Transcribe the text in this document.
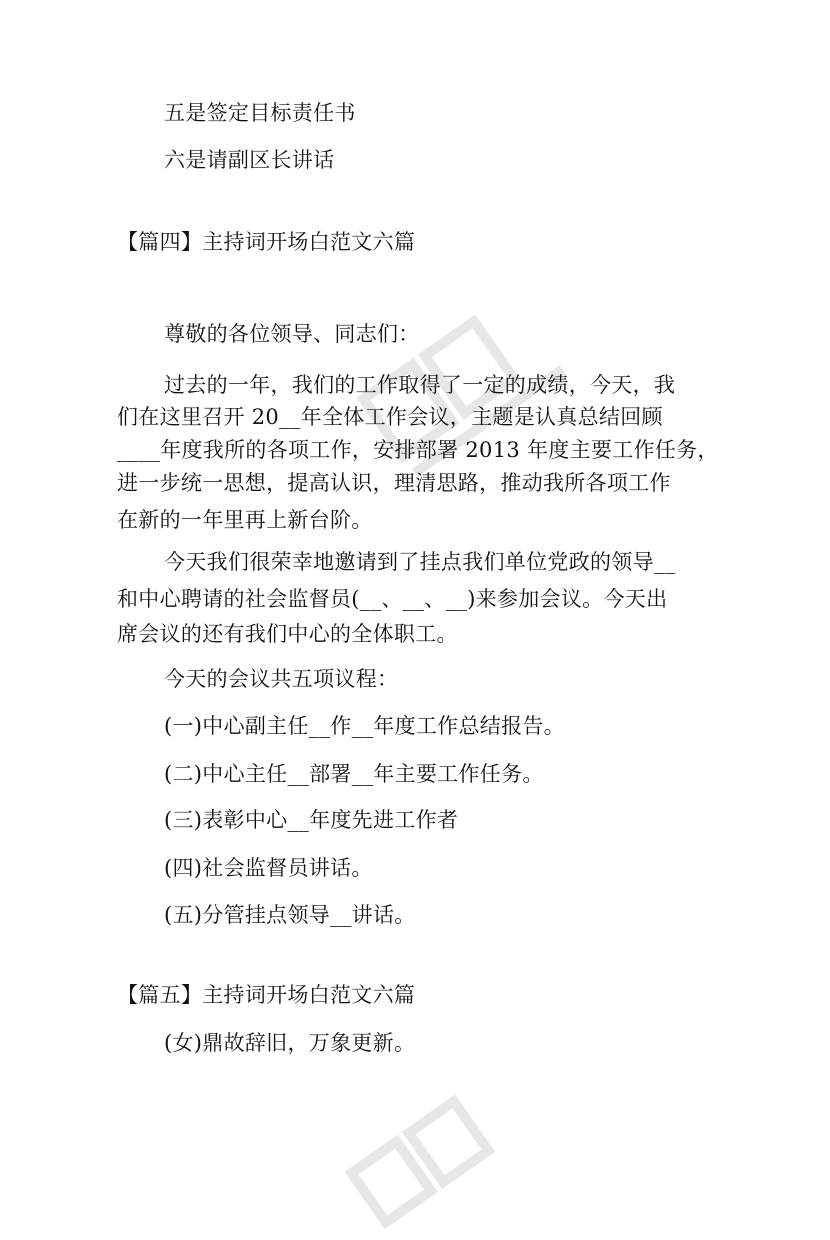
五是签定目标责任书
六是请副区长讲话
【篇四】主持词开场白范文六篇
尊敬的各位领导、同志们：
过去的一年，我们的工作取得了一定的成绩，今天，我
们在这里召开 20__年全体工作会议，主题是认真总结回顾
____年度我所的各项工作，安排部署 2013 年度主要工作任务，
进一步统一思想，提高认识，理清思路，推动我所各项工作
在新的一年里再上新台阶。
今天我们很荣幸地邀请到了挂点我们单位党政的领导__
和中心聘请的社会监督员(__、__、__)来参加会议。今天出
席会议的还有我们中心的全体职工。
今天的会议共五项议程：
(一)中心副主任__作__年度工作总结报告。
(二)中心主任__部署__年主要工作任务。
(三)表彰中心__年度先进工作者
(四)社会监督员讲话。
(五)分管挂点领导__讲话。
【篇五】主持词开场白范文六篇
(女)鼎故辞旧，万象更新。
